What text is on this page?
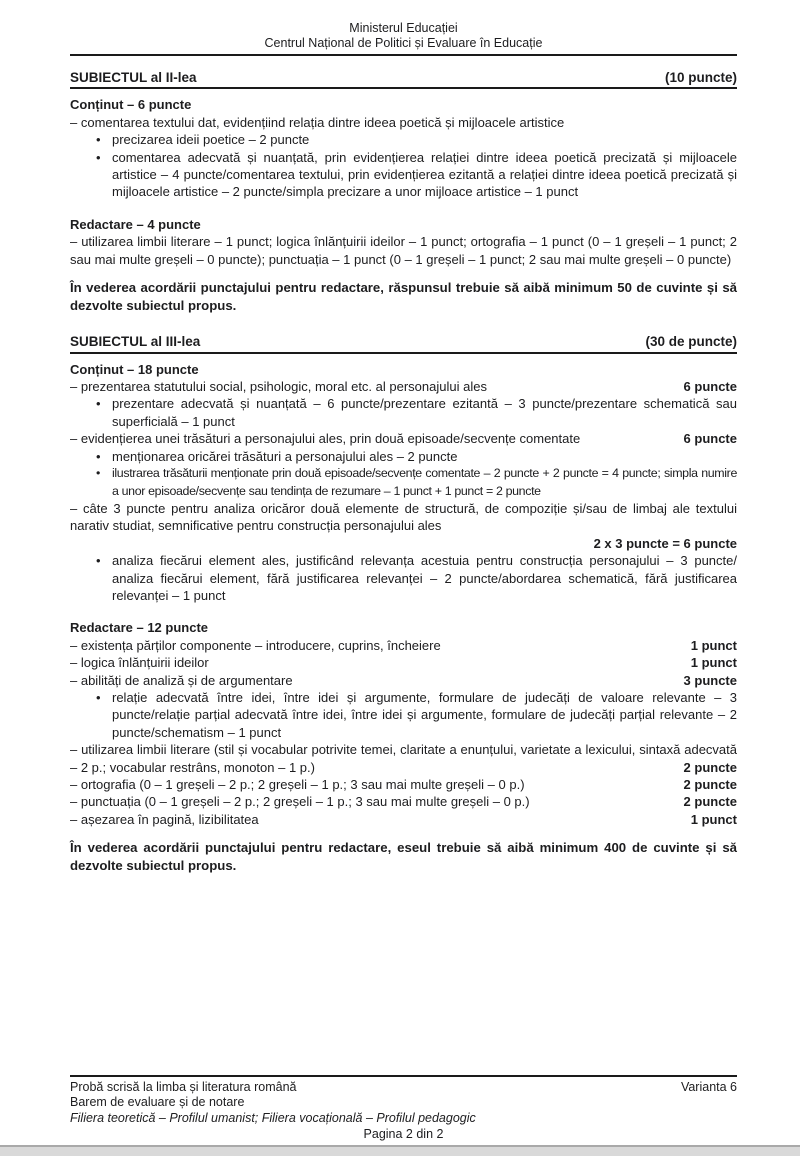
Ministerul Educației
Centrul Național de Politici și Evaluare în Educație
SUBIECTUL al II-lea	(10 puncte)
Conținut – 6 puncte
– comentarea textului dat, evidențiind relația dintre ideea poetică și mijloacele artistice
• precizarea ideii poetice – 2 puncte
• comentarea adecvată și nuanțată, prin evidențierea relației dintre ideea poetică precizată și mijloacele artistice – 4 puncte/comentarea textului, prin evidențierea ezitantă a relației dintre ideea poetică precizată și mijloacele artistice – 2 puncte/simpla precizare a unor mijloace artistice – 1 punct
Redactare – 4 puncte
– utilizarea limbii literare – 1 punct; logica înlănțuirii ideilor – 1 punct; ortografia – 1 punct (0 – 1 greșeli – 1 punct; 2 sau mai multe greșeli – 0 puncte); punctuația – 1 punct (0 – 1 greșeli – 1 punct; 2 sau mai multe greșeli – 0 puncte)
În vederea acordării punctajului pentru redactare, răspunsul trebuie să aibă minimum 50 de cuvinte și să dezvolte subiectul propus.
SUBIECTUL al III-lea	(30 de puncte)
Conținut – 18 puncte
– prezentarea statutului social, psihologic, moral etc. al personajului ales	6 puncte
• prezentare adecvată și nuanțată – 6 puncte/prezentare ezitantă – 3 puncte/prezentare schematică sau superficială – 1 punct
– evidențierea unei trăsături a personajului ales, prin două episoade/secvențe comentate	6 puncte
• menționarea oricărei trăsături a personajului ales – 2 puncte
• ilustrarea trăsăturii menționate prin două episoade/secvențe comentate – 2 puncte + 2 puncte = 4 puncte; simpla numire a unor episoade/secvențe sau tendința de rezumare – 1 punct + 1 punct = 2 puncte
– câte 3 puncte pentru analiza oricăror două elemente de structură, de compoziție și/sau de limbaj ale textului narativ studiat, semnificative pentru construcția personajului ales
2 x 3 puncte = 6 puncte
• analiza fiecărui element ales, justificând relevanța acestuia pentru construcția personajului – 3 puncte/ analiza fiecărui element, fără justificarea relevanței – 2 puncte/abordarea schematică, fără justificarea relevanței – 1 punct
Redactare – 12 puncte
– existența părților componente – introducere, cuprins, încheiere	1 punct
– logica înlănțuirii ideilor	1 punct
– abilități de analiză și de argumentare	3 puncte
• relație adecvată între idei, între idei și argumente, formulare de judecăți de valoare relevante – 3 puncte/relație parțial adecvată între idei, între idei și argumente, formulare de judecăți parțial relevante – 2 puncte/schematism – 1 punct
– utilizarea limbii literare (stil și vocabular potrivite temei, claritate a enunțului, varietate a lexicului, sintaxă adecvată – 2 p.; vocabular restrâns, monoton – 1 p.)	2 puncte
– ortografia (0 – 1 greșeli – 2 p.; 2 greșeli – 1 p.; 3 sau mai multe greșeli – 0 p.)	2 puncte
– punctuația (0 – 1 greșeli – 2 p.; 2 greșeli – 1 p.; 3 sau mai multe greșeli – 0 p.)	2 puncte
– așezarea în pagină, lizibilitatea	1 punct
În vederea acordării punctajului pentru redactare, eseul trebuie să aibă minimum 400 de cuvinte și să dezvolte subiectul propus.
Probă scrisă la limba și literatura română	Varianta 6
Barem de evaluare și de notare
Filiera teoretică – Profilul umanist; Filiera vocațională – Profilul pedagogic
Pagina 2 din 2
